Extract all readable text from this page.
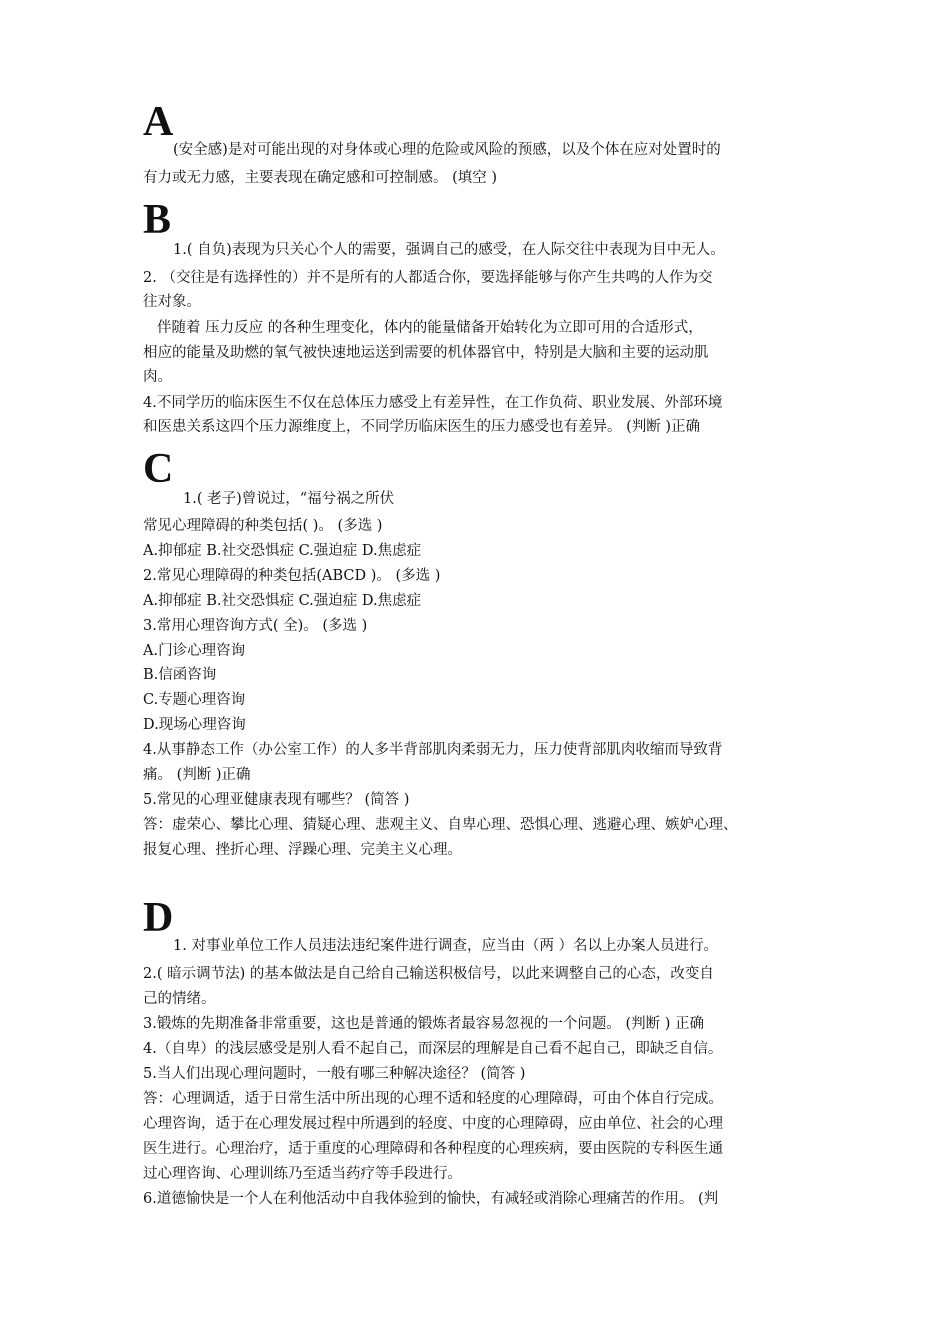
A

(安全感)是对可能出现的对身体或心理的危险或风险的预感，以及个体在应对处置时的

有力或无力感，主要表现在确定感和可控制感。 (填空 )

B

1.( 自负)表现为只关心个人的需要，强调自己的感受，在人际交往中表现为目中无人。

2. （交往是有选择性的）并不是所有的人都适合你，要选择能够与你产生共鸣的人作为交

往对象。

伴随着 压力反应 的各种生理变化，体内的能量储备开始转化为立即可用的合适形式，

相应的能量及助燃的氧气被快速地运送到需要的机体器官中，特别是大脑和主要的运动肌

肉。

4.不同学历的临床医生不仅在总体压力感受上有差异性，在工作负荷、职业发展、外部环境

和医患关系这四个压力源维度上，不同学历临床医生的压力感受也有差异。 (判断 )正确

C

1.( 老子)曾说过，“福兮祸之所伏

常见心理障碍的种类包括( )。 (多选 )

A.抑郁症 B.社交恐惧症 C.强迫症 D.焦虑症

2.常见心理障碍的种类包括(ABCD )。 (多选 )

A.抑郁症 B.社交恐惧症 C.强迫症 D.焦虑症

3.常用心理咨询方式( 全)。 (多选 )

A.门诊心理咨询

B.信函咨询

C.专题心理咨询

D.现场心理咨询

4.从事静态工作（办公室工作）的人多半背部肌肉柔弱无力，压力使背部肌肉收缩而导致背

痛。 (判断 )正确

5.常见的心理亚健康表现有哪些？ (简答 )

答：虚荣心、攀比心理、猜疑心理、悲观主义、自卑心理、恐惧心理、逃避心理、嫉妒心理、

报复心理、挫折心理、浮躁心理、完美主义心理。

D

1. 对事业单位工作人员违法违纪案件进行调查，应当由（两 ）名以上办案人员进行。

2.( 暗示调节法) 的基本做法是自己给自己输送积极信号，以此来调整自己的心态，改变自

己的情绪。

3.锻炼的先期准备非常重要，这也是普通的锻炼者最容易忽视的一个问题。 (判断 ) 正确

4.（自卑）的浅层感受是别人看不起自己，而深层的理解是自己看不起自己，即缺乏自信。

5.当人们出现心理问题时，一般有哪三种解决途径？ (简答 )

答：心理调适，适于日常生活中所出现的心理不适和轻度的心理障碍，可由个体自行完成。

心理咨询，适于在心理发展过程中所遇到的轻度、中度的心理障碍，应由单位、社会的心理

医生进行。心理治疗，适于重度的心理障碍和各种程度的心理疾病，要由医院的专科医生通

过心理咨询、心理训练乃至适当药疗等手段进行。

6.道德愉快是一个人在利他活动中自我体验到的愉快，有减轻或消除心理痛苦的作用。 (判
